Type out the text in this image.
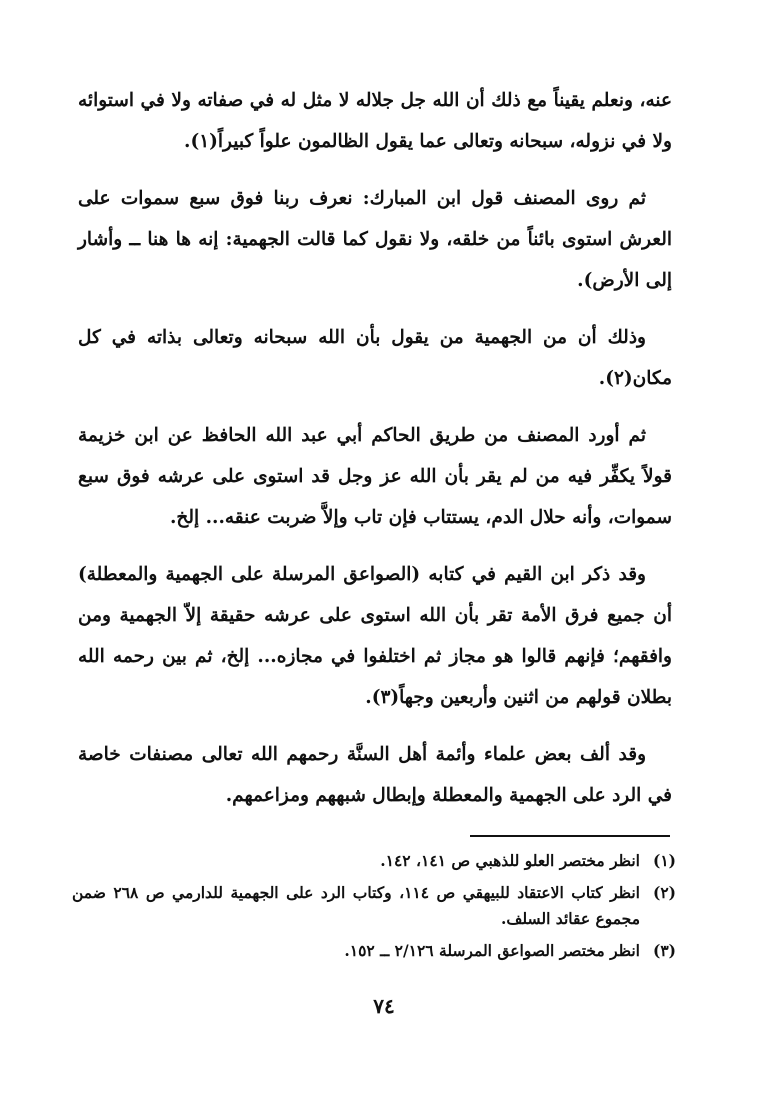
عنه، ونعلم يقيناً مع ذلك أن الله جل جلاله لا مثل له في صفاته ولا في استوائه ولا في نزوله، سبحانه وتعالى عما يقول الظالمون علواً كبيراً(١).

ثم روى المصنف قول ابن المبارك: نعرف ربنا فوق سبع سموات على العرش استوى بائناً من خلقه، ولا نقول كما قالت الجهمية: إنه ها هنا ــ وأشار إلى الأرض).

وذلك أن من الجهمية من يقول بأن الله سبحانه وتعالى بذاته في كل مكان(٢).

ثم أورد المصنف من طريق الحاكم أبي عبد الله الحافظ عن ابن خزيمة قولاً يكفِّر فيه من لم يقر بأن الله عز وجل قد استوى على عرشه فوق سبع سموات، وأنه حلال الدم، يستتاب فإن تاب وإلاَّ ضربت عنقه... إلخ.

وقد ذكر ابن القيم في كتابه (الصواعق المرسلة على الجهمية والمعطلة) أن جميع فرق الأمة تقر بأن الله استوى على عرشه حقيقة إلاّ الجهمية ومن وافقهم؛ فإنهم قالوا هو مجاز ثم اختلفوا في مجازه... إلخ، ثم بين رحمه الله بطلان قولهم من اثنين وأربعين وجهاً(٣).

وقد ألف بعض علماء وأئمة أهل السنَّة رحمهم الله تعالى مصنفات خاصة في الرد على الجهمية والمعطلة وإبطال شبههم ومزاعمهم.

(١)
انظر مختصر العلو للذهبي ص ١٤١، ١٤٢.
(٢)
انظر كتاب الاعتقاد للبيهقي ص ١١٤، وكتاب الرد على الجهمية للدارمي ص ٢٦٨ ضمن مجموع عقائد السلف.
(٣)
انظر مختصر الصواعق المرسلة ٢/١٢٦ ــ ١٥٢.
٧٤
